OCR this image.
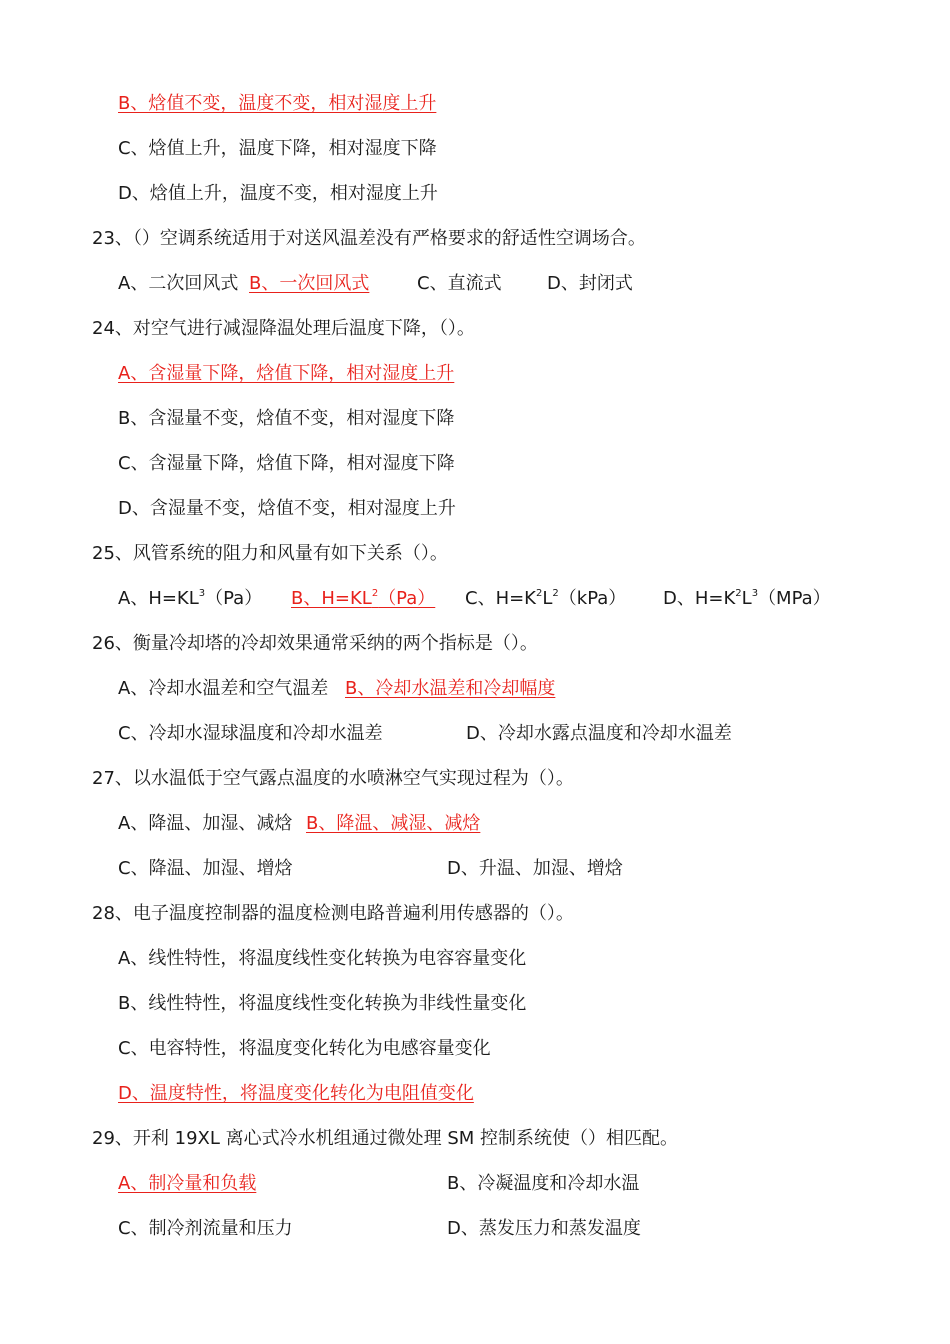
B、焓值不变，温度不变，相对湿度上升
C、焓值上升，温度下降，相对湿度下降
D、焓值上升，温度不变，相对湿度上升
23、（）空调系统适用于对送风温差没有严格要求的舒适性空调场合。
A、二次回风式 B、一次回风式	C、直流式	D、封闭式
24、对空气进行减湿降温处理后温度下降，（）。
A、含湿量下降，焓值下降，相对湿度上升
B、含湿量不变，焓值不变，相对湿度下降
C、含湿量下降，焓值下降，相对湿度下降
D、含湿量不变，焓值不变，相对湿度上升
25、风管系统的阻力和风量有如下关系（）。
A、$H=KL^3(Pa)$ B、$H=KL^2(Pa)$ C、$H=K^2L^2(kPa)$ D、$H=K^2L^3(MPa)$
26、衡量冷却塔的冷却效果通常采纳的两个指标是（）。
A、冷却水温差和空气温差 B、冷却水温差和冷却幅度
C、冷却水湿球温度和冷却水温差	D、冷却水露点温度和冷却水温差
27、以水温低于空气露点温度的水喷淋空气实现过程为（）。
A、降温、加湿、减焓 B、降温、减湿、减焓
C、降温、加湿、增焓	D、升温、加湿、增焓
28、电子温度控制器的温度检测电路普遍利用传感器的（）。
A、线性特性，将温度线性变化转换为电容容量变化
B、线性特性，将温度线性变化转换为非线性量变化
C、电容特性，将温度变化转化为电感容量变化
D、温度特性，将温度变化转化为电阻值变化
29、开利 19XL 离心式冷水机组通过微处理 SM 控制系统使（）相匹配。
A、制冷量和负载	B、冷凝温度和冷却水温
C、制冷剂流量和压力	D、蒸发压力和蒸发温度
